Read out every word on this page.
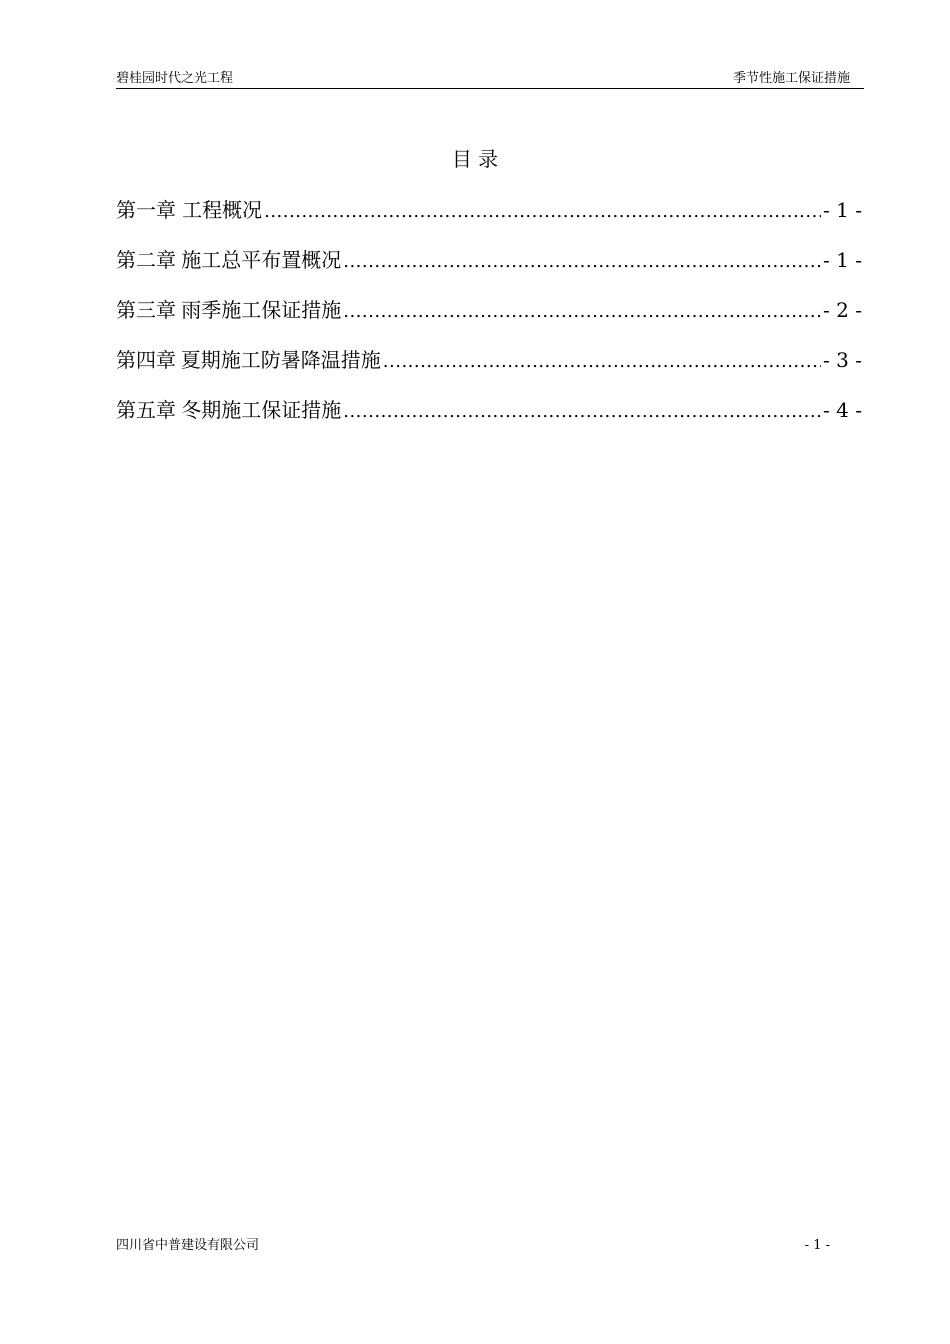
碧桂园时代之光工程	季节性施工保证措施
目 录
第一章 工程概况 .....	- 1 -
第二章 施工总平布置概况 .....	- 1 -
第三章 雨季施工保证措施 .....	- 2 -
第四章 夏期施工防暑降温措施 .....	- 3 -
第五章 冬期施工保证措施 .....	- 4 -
四川省中普建设有限公司	- 1 -
